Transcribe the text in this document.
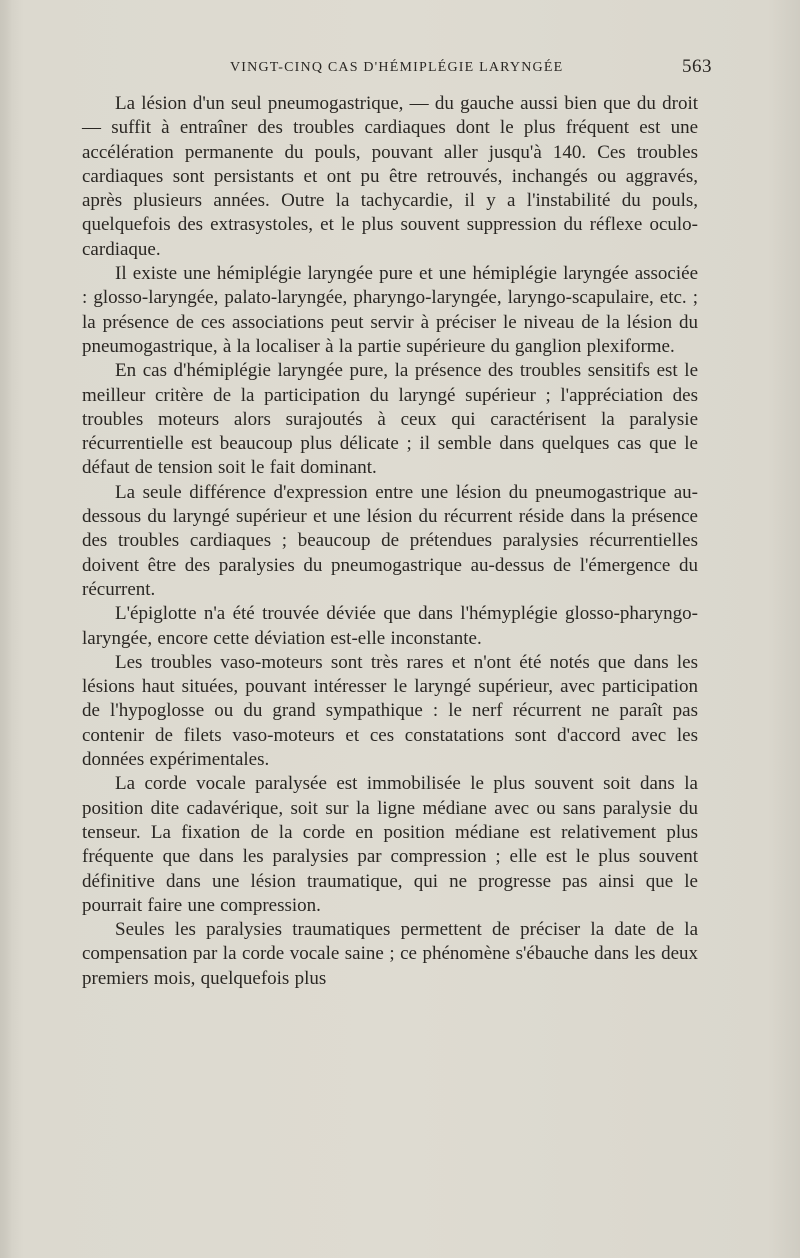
VINGT-CINQ CAS D'HÉMIPLÉGIE LARYNGÉE	563

La lésion d'un seul pneumogastrique, — du gauche aussi bien que du droit — suffit à entraîner des troubles cardiaques dont le plus fréquent est une accélération permanente du pouls, pouvant aller jusqu'à 140. Ces troubles cardiaques sont persistants et ont pu être retrouvés, inchangés ou aggravés, après plusieurs années. Outre la tachycardie, il y a l'instabilité du pouls, quelquefois des extrasystoles, et le plus souvent suppression du réflexe oculo-cardiaque.

Il existe une hémiplégie laryngée pure et une hémiplégie laryngée associée : glosso-laryngée, palato-laryngée, pharyngo-laryngée, laryngo-scapulaire, etc. ; la présence de ces associations peut servir à préciser le niveau de la lésion du pneumogastrique, à la localiser à la partie supérieure du ganglion plexiforme.

En cas d'hémiplégie laryngée pure, la présence des troubles sensitifs est le meilleur critère de la participation du laryngé supérieur ; l'appréciation des troubles moteurs alors surajoutés à ceux qui caractérisent la paralysie récurrentielle est beaucoup plus délicate ; il semble dans quelques cas que le défaut de tension soit le fait dominant.

La seule différence d'expression entre une lésion du pneumogastrique au-dessous du laryngé supérieur et une lésion du récurrent réside dans la présence des troubles cardiaques ; beaucoup de prétendues paralysies récurrentielles doivent être des paralysies du pneumogastrique au-dessus de l'émergence du récurrent.

L'épiglotte n'a été trouvée déviée que dans l'hémyplégie glosso-pharyngo-laryngée, encore cette déviation est-elle inconstante.

Les troubles vaso-moteurs sont très rares et n'ont été notés que dans les lésions haut situées, pouvant intéresser le laryngé supérieur, avec participation de l'hypoglosse ou du grand sympathique : le nerf récurrent ne paraît pas contenir de filets vaso-moteurs et ces constatations sont d'accord avec les données expérimentales.

La corde vocale paralysée est immobilisée le plus souvent soit dans la position dite cadavérique, soit sur la ligne médiane avec ou sans paralysie du tenseur. La fixation de la corde en position médiane est relativement plus fréquente que dans les paralysies par compression ; elle est le plus souvent définitive dans une lésion traumatique, qui ne progresse pas ainsi que le pourrait faire une compression.

Seules les paralysies traumatiques permettent de préciser la date de la compensation par la corde vocale saine ; ce phénomène s'ébauche dans les deux premiers mois, quelquefois plus
